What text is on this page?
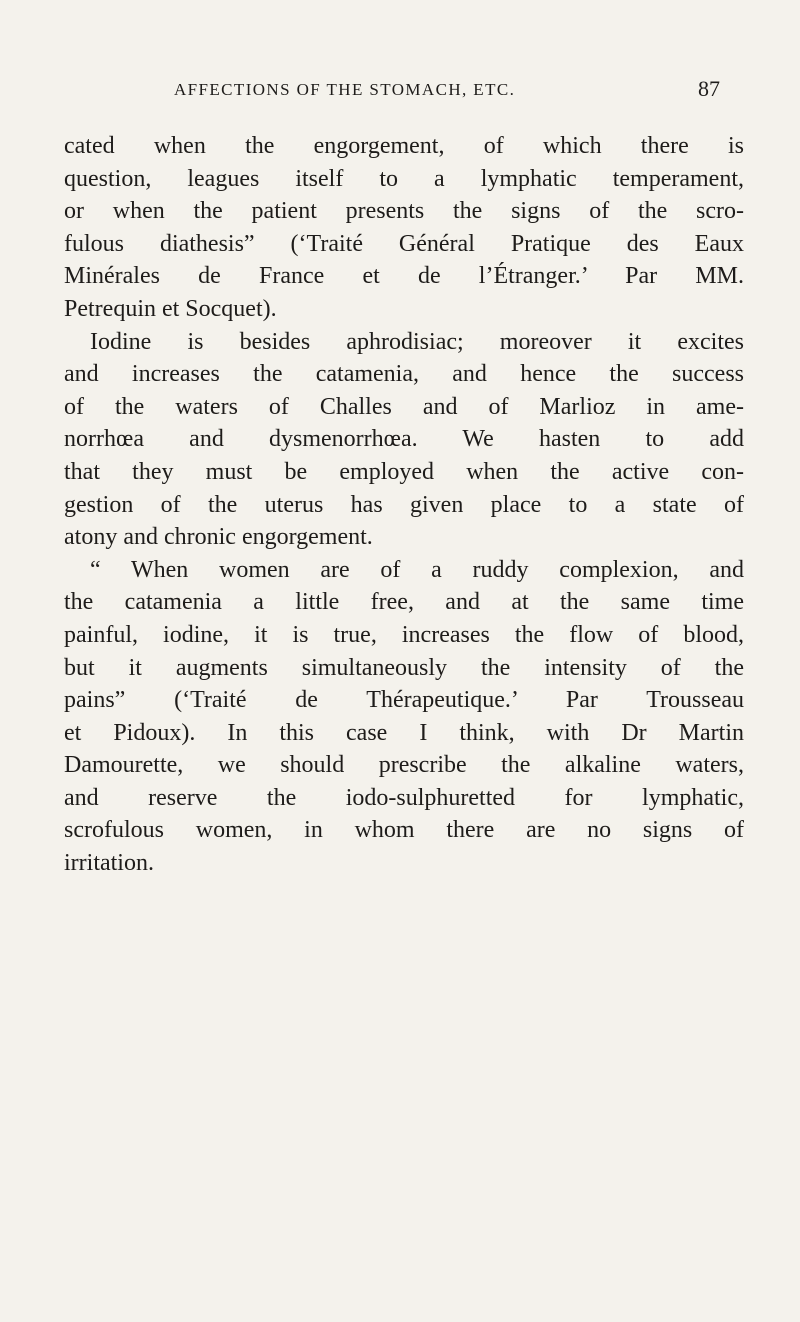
AFFECTIONS OF THE STOMACH, ETC.	87
cated when the engorgement, of which there is
question, leagues itself to a lymphatic temperament,
or when the patient presents the signs of the scro-
fulous diathesis” (‘Traité Général Pratique des Eaux
Minérales de France et de l’Étranger.’ Par MM.
Petrequin et Socquet).
Iodine is besides aphrodisiac; moreover it excites
and increases the catamenia, and hence the success
of the waters of Challes and of Marlioz in ame-
norrhœa and dysmenorrhœa. We hasten to add
that they must be employed when the active con-
gestion of the uterus has given place to a state of
atony and chronic engorgement.
“ When women are of a ruddy complexion, and
the catamenia a little free, and at the same time
painful, iodine, it is true, increases the flow of blood,
but it augments simultaneously the intensity of the
pains” (‘Traité de Thérapeutique.’ Par Trousseau
et Pidoux). In this case I think, with Dr Martin
Damourette, we should prescribe the alkaline waters,
and reserve the iodo-sulphuretted for lymphatic,
scrofulous women, in whom there are no signs of
irritation.
